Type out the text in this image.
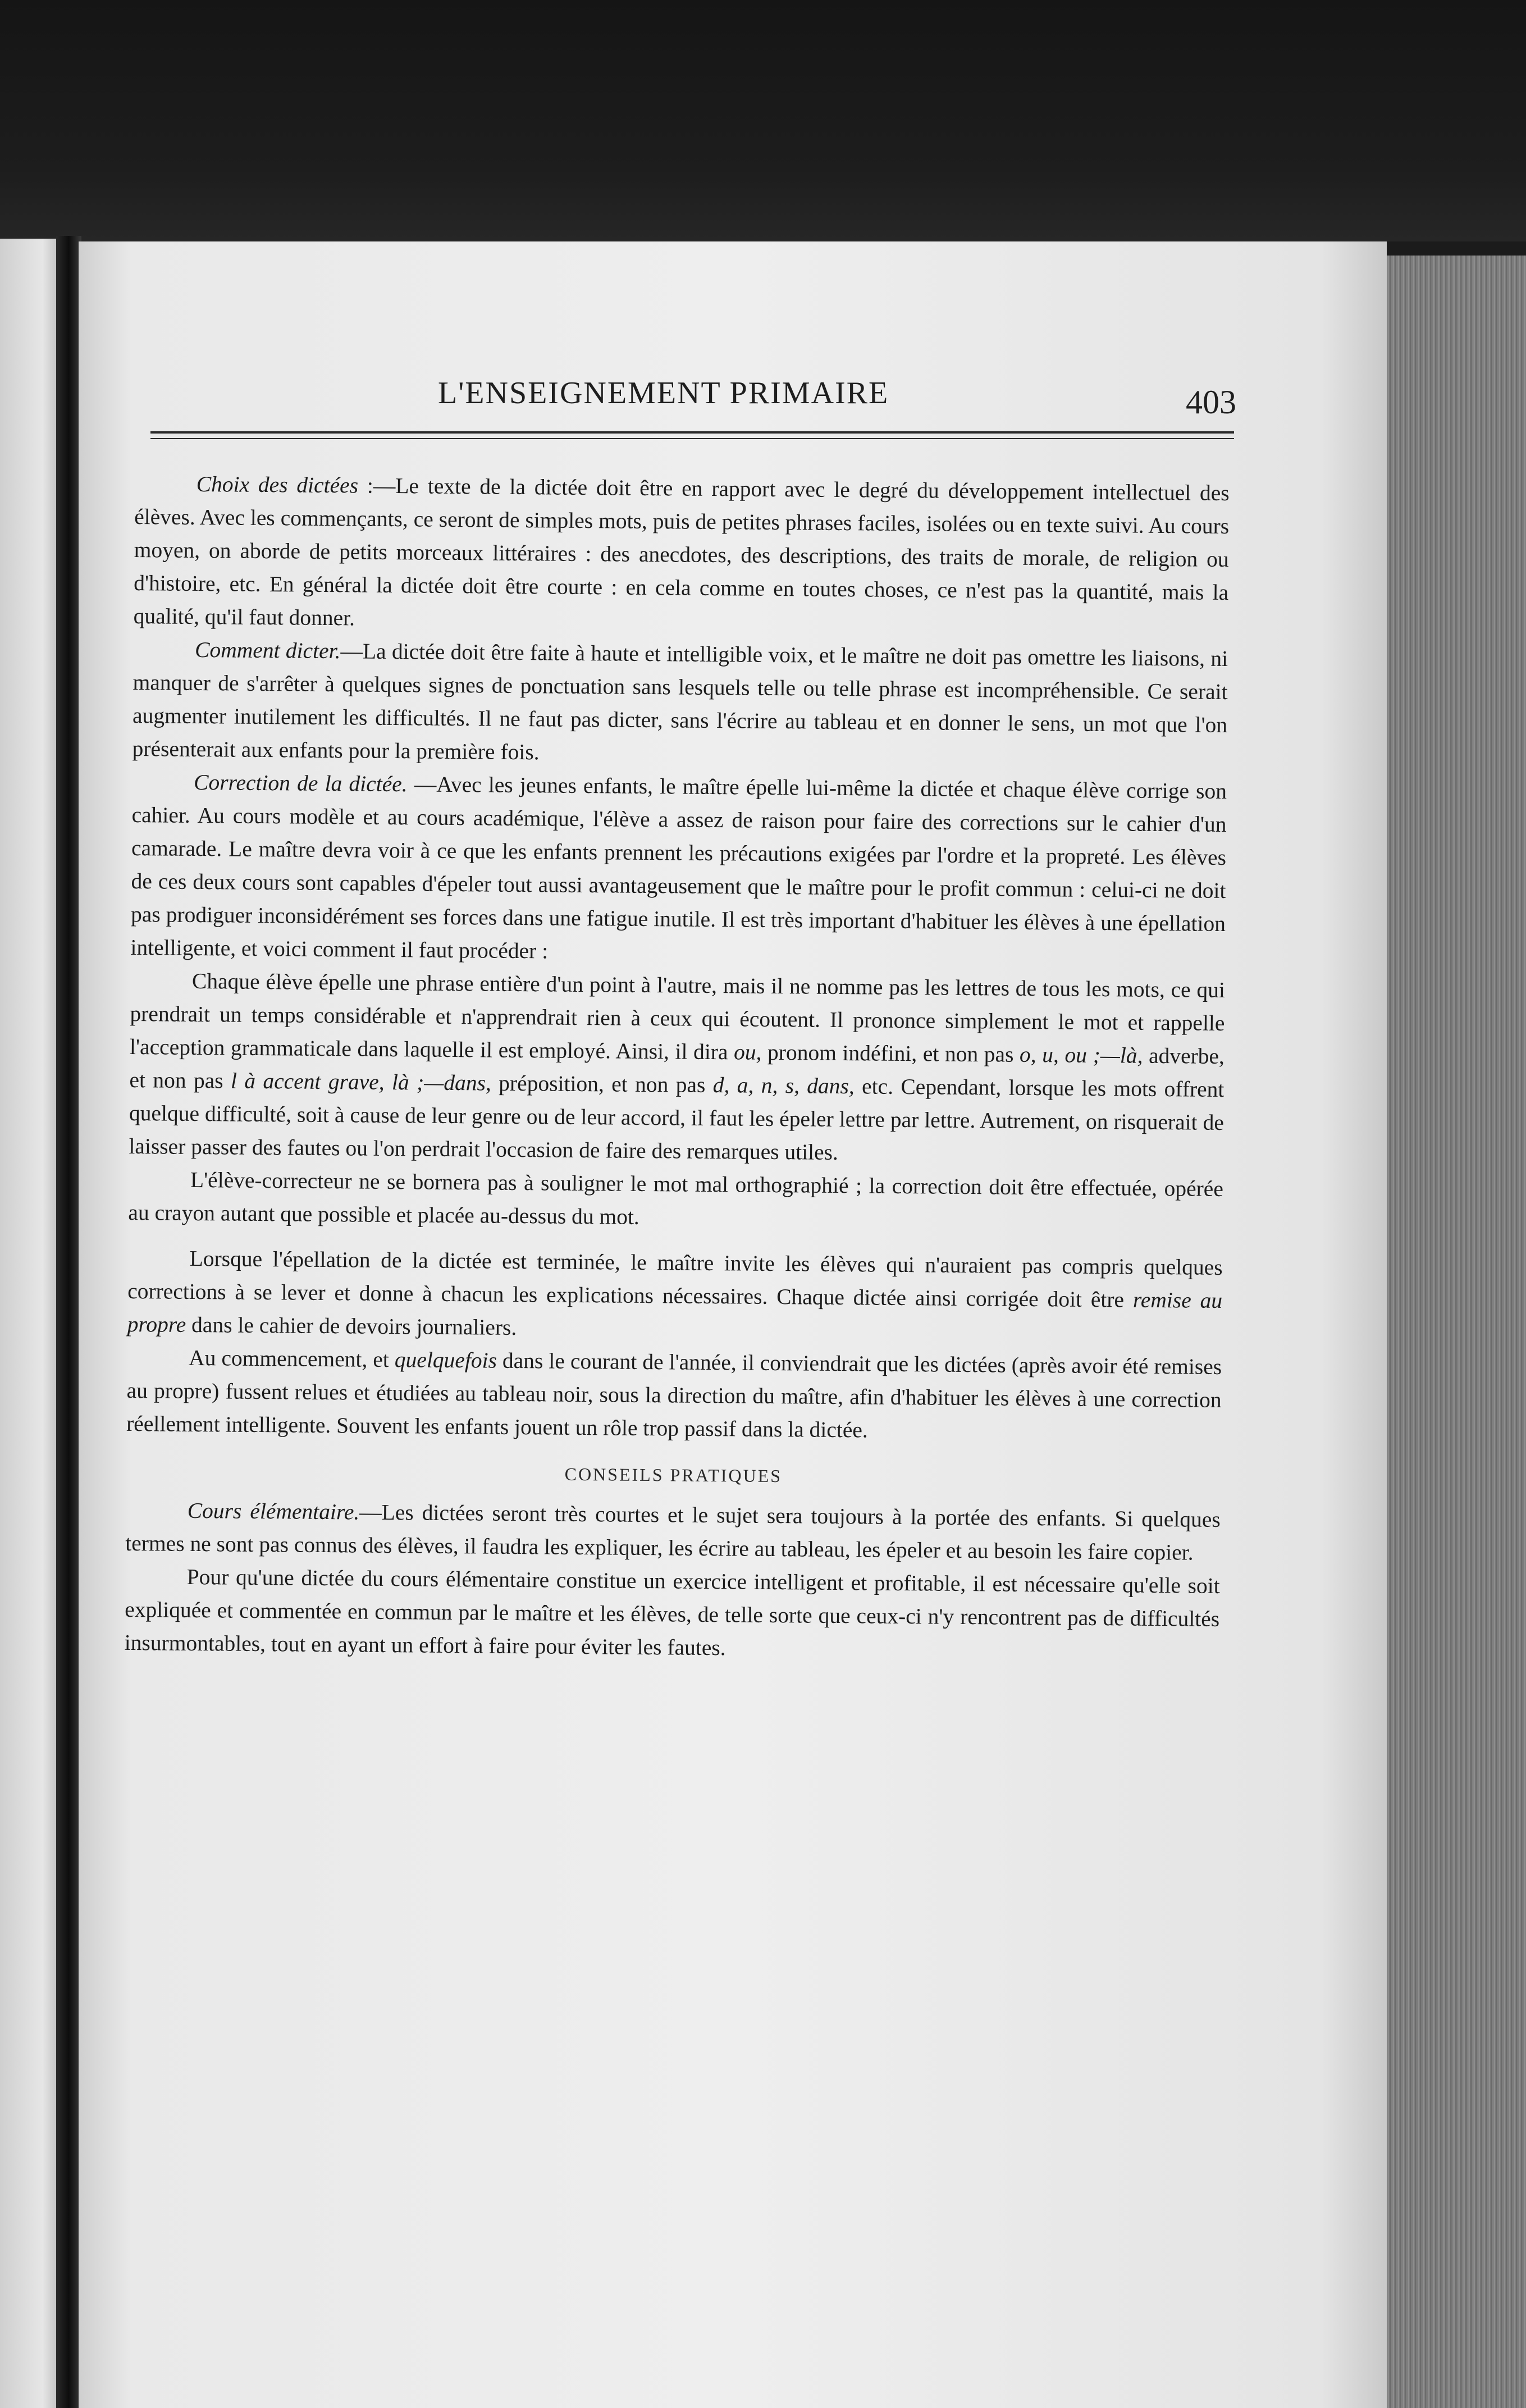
L'ENSEIGNEMENT PRIMAIRE	403

Choix des dictées :—Le texte de la dictée doit être en rapport avec le degré du développement intellectuel des élèves. Avec les commençants, ce seront de simples mots, puis de petites phrases faciles, isolées ou en texte suivi. Au cours moyen, on aborde de petits morceaux littéraires : des anecdotes, des descriptions, des traits de morale, de religion ou d'histoire, etc. En général la dictée doit être courte : en cela comme en toutes choses, ce n'est pas la quantité, mais la qualité, qu'il faut donner.

Comment dicter.—La dictée doit être faite à haute et intelligible voix, et le maître ne doit pas omettre les liaisons, ni manquer de s'arrêter à quelques signes de ponctuation sans lesquels telle ou telle phrase est incompréhensible. Ce serait augmenter inutilement les difficultés. Il ne faut pas dicter, sans l'écrire au tableau et en donner le sens, un mot que l'on présenterait aux enfants pour la première fois.

Correction de la dictée. —Avec les jeunes enfants, le maître épelle lui-même la dictée et chaque élève corrige son cahier. Au cours modèle et au cours académique, l'élève a assez de raison pour faire des corrections sur le cahier d'un camarade. Le maître devra voir à ce que les enfants prennent les précautions exigées par l'ordre et la propreté. Les élèves de ces deux cours sont capables d'épeler tout aussi avantageusement que le maître pour le profit commun : celui-ci ne doit pas prodiguer inconsidérément ses forces dans une fatigue inutile. Il est très important d'habituer les élèves à une épellation intelligente, et voici comment il faut procéder :

Chaque élève épelle une phrase entière d'un point à l'autre, mais il ne nomme pas les lettres de tous les mots, ce qui prendrait un temps considérable et n'apprendrait rien à ceux qui écoutent. Il prononce simplement le mot et rappelle l'acception grammaticale dans laquelle il est employé. Ainsi, il dira ou, pronom indéfini, et non pas o, u, ou ;—là, adverbe, et non pas l à accent grave, là ;—dans, préposition, et non pas d, a, n, s, dans, etc. Cependant, lorsque les mots offrent quelque difficulté, soit à cause de leur genre ou de leur accord, il faut les épeler lettre par lettre. Autrement, on risquerait de laisser passer des fautes ou l'on perdrait l'occasion de faire des remarques utiles.

L'élève-correcteur ne se bornera pas à souligner le mot mal orthographié ; la correction doit être effectuée, opérée au crayon autant que possible et placée au-dessus du mot.

Lorsque l'épellation de la dictée est terminée, le maître invite les élèves qui n'auraient pas compris quelques corrections à se lever et donne à chacun les explications nécessaires. Chaque dictée ainsi corrigée doit être remise au propre dans le cahier de devoirs journaliers.

Au commencement, et quelquefois dans le courant de l'année, il conviendrait que les dictées (après avoir été remises au propre) fussent relues et étudiées au tableau noir, sous la direction du maître, afin d'habituer les élèves à une correction réellement intelligente. Souvent les enfants jouent un rôle trop passif dans la dictée.

CONSEILS PRATIQUES

Cours élémentaire.—Les dictées seront très courtes et le sujet sera toujours à la portée des enfants. Si quelques termes ne sont pas connus des élèves, il faudra les expliquer, les écrire au tableau, les épeler et au besoin les faire copier.

Pour qu'une dictée du cours élémentaire constitue un exercice intelligent et profitable, il est nécessaire qu'elle soit expliquée et commentée en commun par le maître et les élèves, de telle sorte que ceux-ci n'y rencontrent pas de difficultés insurmontables, tout en ayant un effort à faire pour éviter les fautes.
